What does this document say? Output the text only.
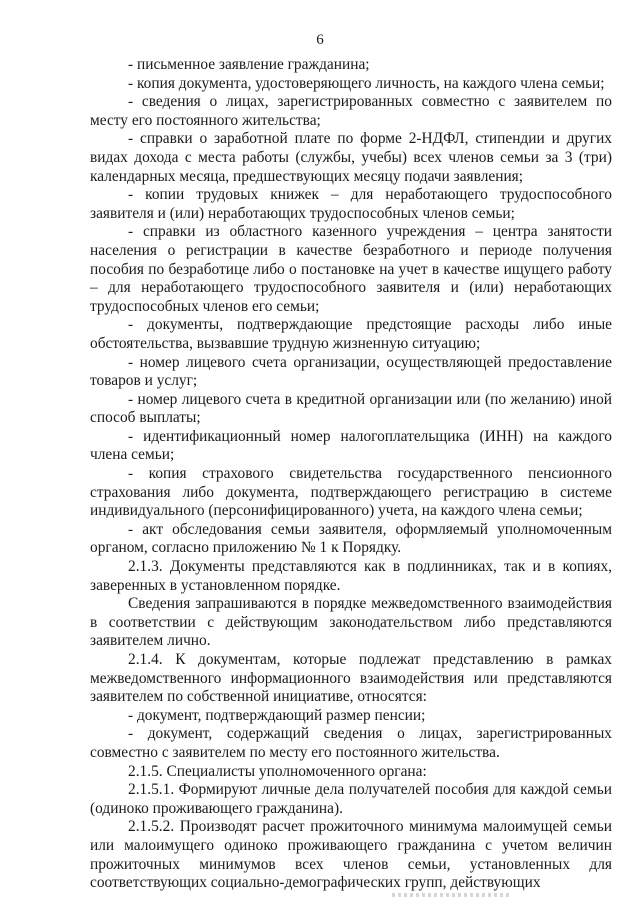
6

- письменное заявление гражданина;

- копия документа, удостоверяющего личность, на каждого члена семьи;

- сведения о лицах, зарегистрированных совместно с заявителем по месту его постоянного жительства;

- справки о заработной плате по форме 2-НДФЛ, стипендии и других видах дохода с места работы (службы, учебы) всех членов семьи за 3 (три) календарных месяца, предшествующих месяцу подачи заявления;

- копии трудовых книжек – для неработающего трудоспособного заявителя и (или) неработающих трудоспособных членов семьи;

- справки из областного казенного учреждения – центра занятости населения о регистрации в качестве безработного и периоде получения пособия по безработице либо о постановке на учет в качестве ищущего работу – для неработающего трудоспособного заявителя и (или) неработающих трудоспособных членов его семьи;

- документы, подтверждающие предстоящие расходы либо иные обстоятельства, вызвавшие трудную жизненную ситуацию;

- номер лицевого счета организации, осуществляющей предоставление товаров и услуг;

- номер лицевого счета в кредитной организации или (по желанию) иной способ выплаты;

- идентификационный номер налогоплательщика (ИНН) на каждого члена семьи;

- копия страхового свидетельства государственного пенсионного страхования либо документа, подтверждающего регистрацию в системе индивидуального (персонифицированного) учета, на каждого члена семьи;

- акт обследования семьи заявителя, оформляемый уполномоченным органом, согласно приложению № 1 к Порядку.

2.1.3. Документы представляются как в подлинниках, так и в копиях, заверенных в установленном порядке.

Сведения запрашиваются в порядке межведомственного взаимодействия в соответствии с действующим законодательством либо представляются заявителем лично.

2.1.4. К документам, которые подлежат представлению в рамках межведомственного информационного взаимодействия или представляются заявителем по собственной инициативе, относятся:

- документ, подтверждающий размер пенсии;

- документ, содержащий сведения о лицах, зарегистрированных совместно с заявителем по месту его постоянного жительства.

2.1.5. Специалисты уполномоченного органа:

2.1.5.1. Формируют личные дела получателей пособия для каждой семьи (одиноко проживающего гражданина).

2.1.5.2. Производят расчет прожиточного минимума малоимущей семьи или малоимущего одиноко проживающего гражданина с учетом величин прожиточных минимумов всех членов семьи, установленных для соответствующих социально-демографических групп, действующих
